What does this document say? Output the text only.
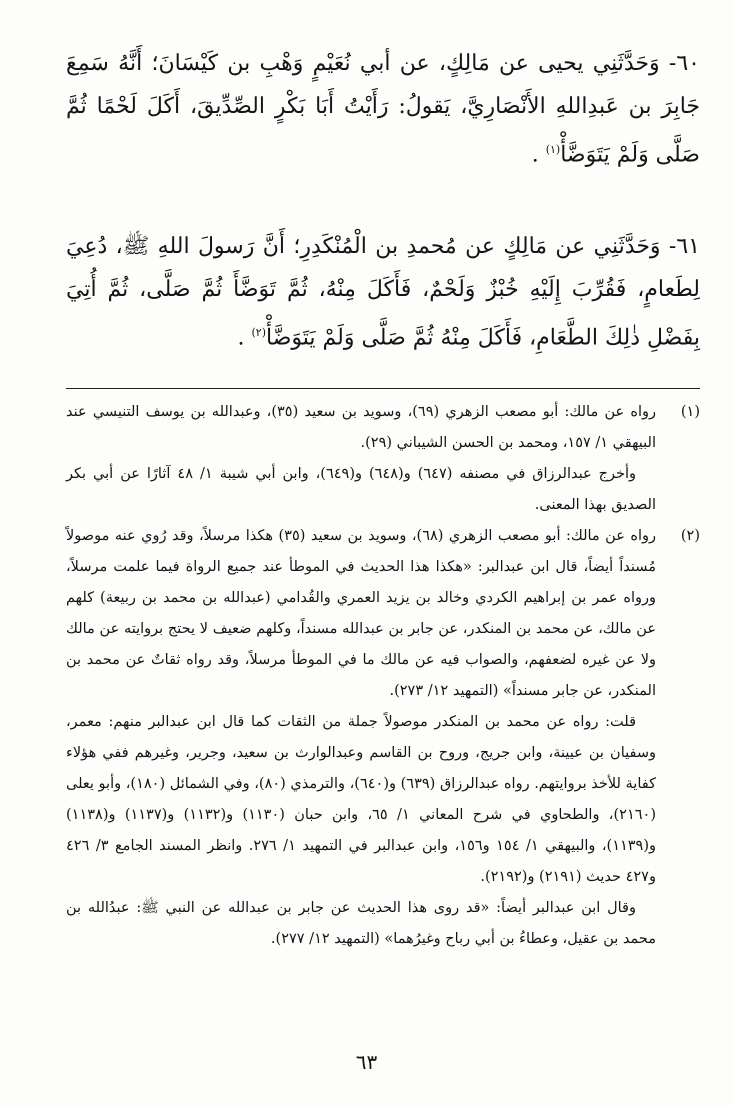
٦٠- وَحَدَّثَنِي يحيى عن مَالِكٍ، عن أبي نُعَيْمٍ وَهْبِ بن كَيْسَانَ؛ أَنَّهُ سَمِعَ جَابِرَ بن عَبدِاللهِ الأَنْصَارِيَّ، يَقولُ: رَأَيْتُ أَبَا بَكْرٍ الصِّدِّيقَ، أَكَلَ لَحْمًا ثُمَّ صَلَّى وَلَمْ يَتَوَضَّأْ$^{(١)}$ .

٦١- وَحَدَّثَنِي عن مَالِكٍ عن مُحمدِ بن الْمُنْكَدِرِ؛ أَنَّ رَسولَ اللهِ ﷺ، دُعِيَ لِطَعامٍ، فَقُرِّبَ إِلَيْهِ خُبْزٌ وَلَحْمٌ، فَأَكَلَ مِنْهُ، ثُمَّ تَوَضَّأَ ثُمَّ صَلَّى، ثُمَّ أُتِيَ بِفَضْلِ ذٰلِكَ الطَّعَامِ، فَأَكَلَ مِنْهُ ثُمَّ صَلَّى وَلَمْ يَتَوَضَّأْ$^{(٢)}$ .

(١)

رواه عن مالك: أبو مصعب الزهري (٦٩)، وسويد بن سعيد (٣٥)، وعبدالله بن يوسف التنيسي عند البيهقي ١/ ١٥٧، ومحمد بن الحسن الشيباني (٢٩).

وأخرج عبدالرزاق في مصنفه (٦٤٧) و(٦٤٨) و(٦٤٩)، وابن أبي شيبة ١/ ٤٨ آثارًا عن أبي بكر الصديق بهذا المعنى.

(٢)

رواه عن مالك: أبو مصعب الزهري (٦٨)، وسويد بن سعيد (٣٥) هكذا مرسلاً، وقد رُوي عنه موصولاً مُسنداً أيضاً، قال ابن عبدالبر: «هكذا هذا الحديث في الموطأ عند جميع الرواة فيما علمت مرسلاً، ورواه عمر بن إبراهيم الكردي وخالد بن يزيد العمري والقُدامي (عبدالله بن محمد بن ربيعة) كلهم عن مالك، عن محمد بن المنكدر، عن جابر بن عبدالله مسنداً، وكلهم ضعيف لا يحتج بروايته عن مالك ولا عن غيره لضعفهم، والصواب فيه عن مالك ما في الموطأ مرسلاً، وقد رواه ثقاتٌ عن محمد بن المنكدر، عن جابر مسنداً» (التمهيد ١٢/ ٢٧٣).

قلت: رواه عن محمد بن المنكدر موصولاً جملة من الثقات كما قال ابن عبدالبر منهم: معمر، وسفيان بن عيينة، وابن جريج، وروح بن القاسم وعبدالوارث بن سعيد، وجرير، وغيرهم ففي هؤلاء كفاية للأخذ بروايتهم. رواه عبدالرزاق (٦٣٩) و(٦٤٠)، والترمذي (٨٠)، وفي الشمائل (١٨٠)، وأبو يعلى (٢١٦٠)، والطحاوي في شرح المعاني ١/ ٦٥، وابن حبان (١١٣٠) و(١١٣٢) و(١١٣٧) و(١١٣٨) و(١١٣٩)، والبيهقي ١/ ١٥٤ و١٥٦، وابن عبدالبر في التمهيد ١/ ٢٧٦. وانظر المسند الجامع ٣/ ٤٢٦ و٤٢٧ حديث (٢١٩١) و(٢١٩٢).

وقال ابن عبدالبر أيضاً: «قد روى هذا الحديث عن جابر بن عبدالله عن النبي ﷺ: عبدُالله بن محمد بن عقيل، وعطاءُ بن أبي رباح وغيرُهما» (التمهيد ١٢/ ٢٧٧).

٦٣
